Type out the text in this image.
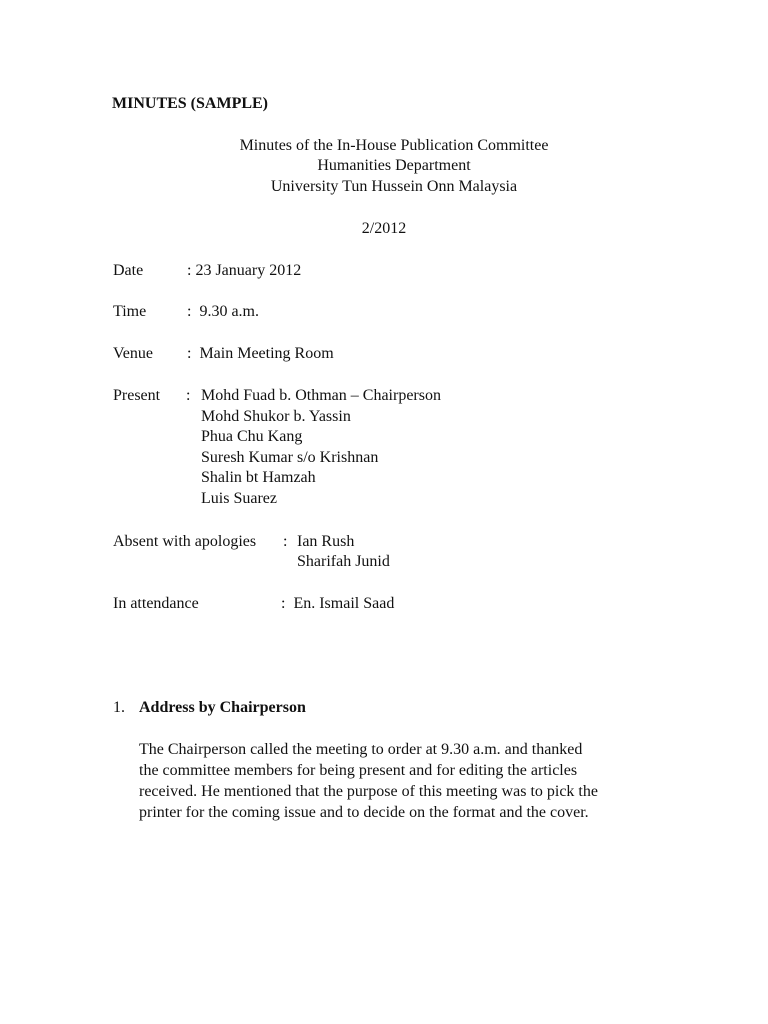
MINUTES (SAMPLE)
Minutes of the In-House Publication Committee
Humanities Department
University Tun Hussein Onn Malaysia
2/2012
Date	: 23 January 2012
Time	:  9.30 a.m.
Venue :  Main Meeting Room
Present : Mohd Fuad b. Othman – Chairperson
Mohd Shukor b. Yassin
Phua Chu Kang
Suresh Kumar s/o Krishnan
Shalin bt Hamzah
Luis Suarez
Absent with apologies : Ian Rush
Sharifah Junid
In attendance	:  En. Ismail Saad
1. Address by Chairperson
The Chairperson called the meeting to order at 9.30 a.m. and thanked
the committee members for being present and for editing the articles
received. He mentioned that the purpose of this meeting was to pick the
printer for the coming issue and to decide on the format and the cover.
